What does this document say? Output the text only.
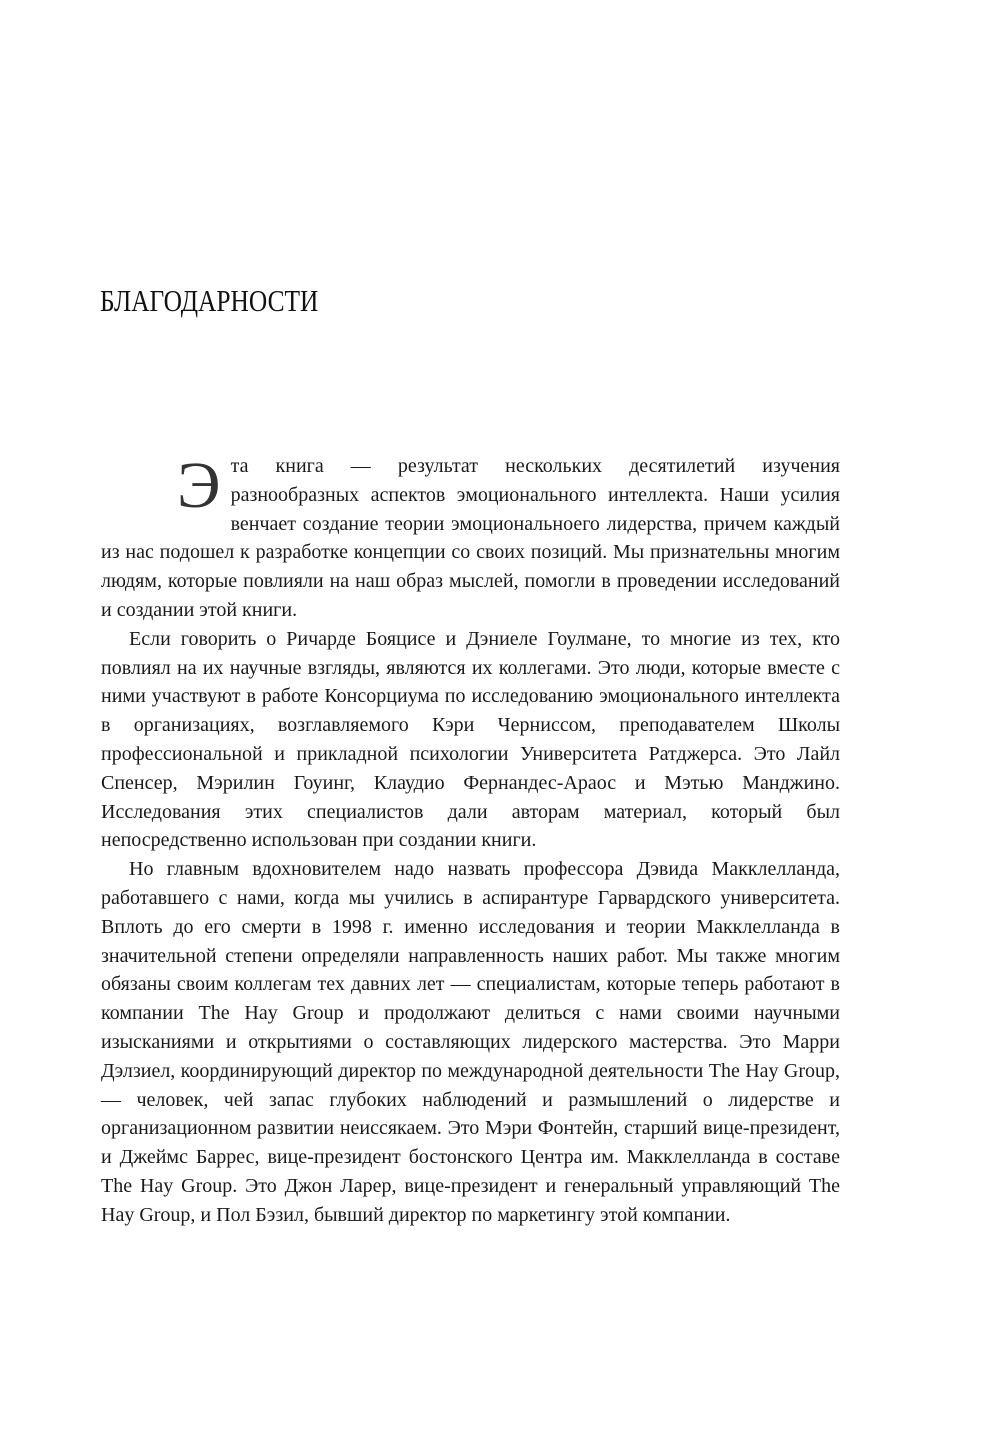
БЛАГОДАРНОСТИ

Эта книга — результат нескольких десятилетий изучения разнообразных аспектов эмоционального интеллекта. Наши усилия венчает создание теории эмоциональноего лидерства, причем каждый из нас подошел к разработке концепции со своих позиций. Мы признательны многим людям, которые повлияли на наш образ мыслей, помогли в проведении исследований и создании этой книги.

Если говорить о Ричарде Бояцисе и Дэниеле Гоулмане, то многие из тех, кто повлиял на их научные взгляды, являются их коллегами. Это люди, которые вместе с ними участвуют в работе Консорциума по исследованию эмоционального интеллекта в организациях, возглавляемого Кэри Черниссом, преподавателем Школы профессиональной и прикладной психологии Университета Ратджерса. Это Лайл Спенсер, Мэрилин Гоуинг, Клаудио Фернандес-Араос и Мэтью Манджино. Исследования этих специалистов дали авторам материал, который был непосредственно использован при создании книги.

Но главным вдохновителем надо назвать профессора Дэвида Макклелланда, работавшего с нами, когда мы учились в аспирантуре Гарвардского университета. Вплоть до его смерти в 1998 г. именно исследования и теории Макклелланда в значительной степени определяли направленность наших работ. Мы также многим обязаны своим коллегам тех давних лет — специалистам, которые теперь работают в компании The Hay Group и продолжают делиться с нами своими научными изысканиями и открытиями о составляющих лидерского мастерства. Это Марри Дэлзиел, координирующий директор по международной деятельности The Hay Group, — человек, чей запас глубоких наблюдений и размышлений о лидерстве и организационном развитии неиссякаем. Это Мэри Фонтейн, старший вице-президент, и Джеймс Баррес, вице-президент бостонского Центра им. Макклелланда в составе The Hay Group. Это Джон Ларер, вице-президент и генеральный управляющий The Hay Group, и Пол Бэзил, бывший директор по маркетингу этой компании.
